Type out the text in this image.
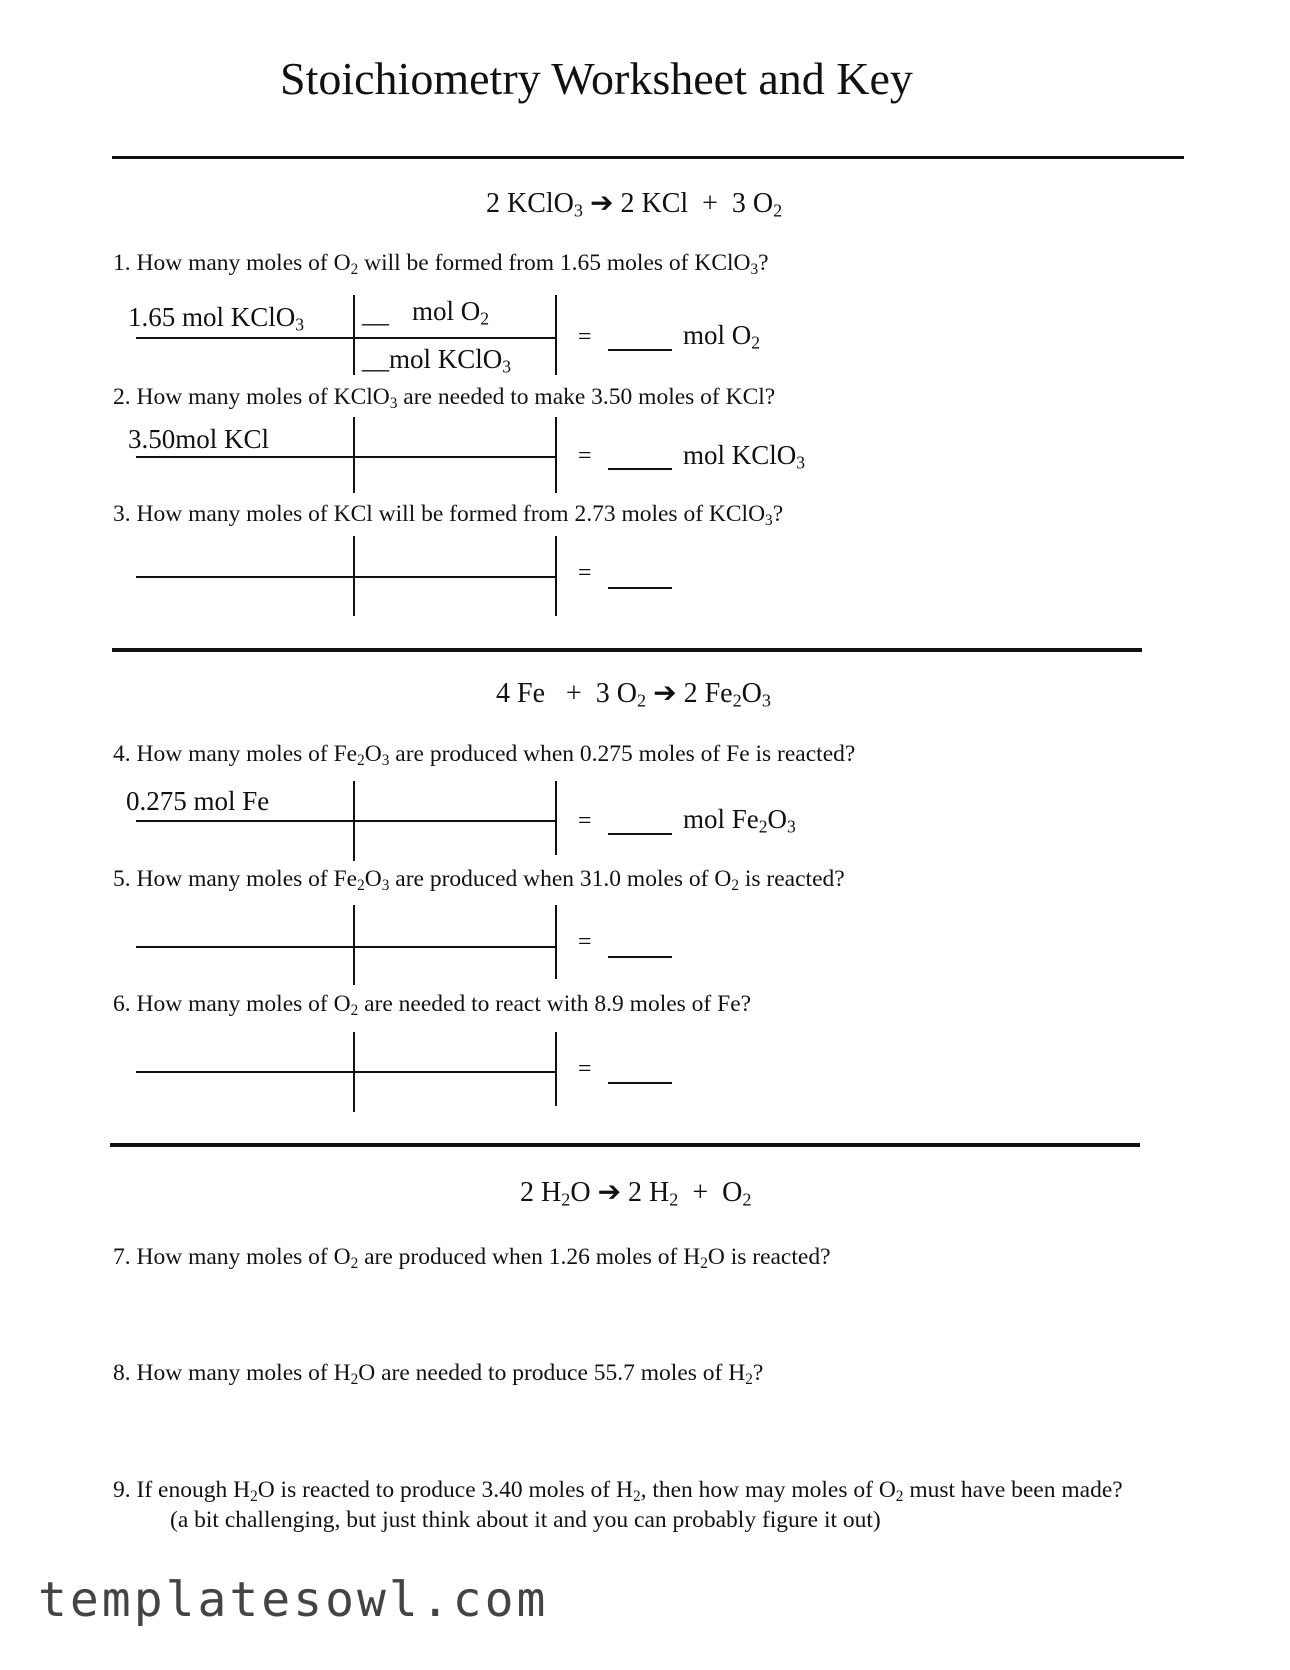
Stoichiometry Worksheet and Key
2 KClO$_3$ ➔ 2 KCl  +  3 $O_2$
1. How many moles of $O_2$ will be formed from 1.65 moles of KClO$_3$?
1.65 mol KClO$_3$ __ mol $O_2$
__mol KClO$_3$
=	mol $O_2$
2. How many moles of KClO$_3$ are needed to make 3.50 moles of KCl?
3.50mol KCl
=	mol KClO$_3$
3. How many moles of KCl will be formed from 2.73 moles of KClO$_3$?
=
4 Fe   +  3 $O_2$ ➔ 2 $Fe_2O_3$
4. How many moles of $Fe_2O_3$ are produced when 0.275 moles of Fe is reacted?
0.275 mol Fe
=	mol $Fe_2O_3$
5. How many moles of $Fe_2O_3$ are produced when 31.0 moles of $O_2$ is reacted?
=
6. How many moles of $O_2$ are needed to react with 8.9 moles of Fe?
=
2 $H_2O$ ➔ 2 $H_2 + O_2$
7. How many moles of $O_2$ are produced when 1.26 moles of $H_2O$ is reacted?
8. How many moles of $H_2O$ are needed to produce 55.7 moles of $H_2$?
9. If enough $H_2O$ is reacted to produce 3.40 moles of $H_2$, then how may moles of $O_2$ must have been made?
(a bit challenging, but just think about it and you can probably figure it out)
templatesowl.com
